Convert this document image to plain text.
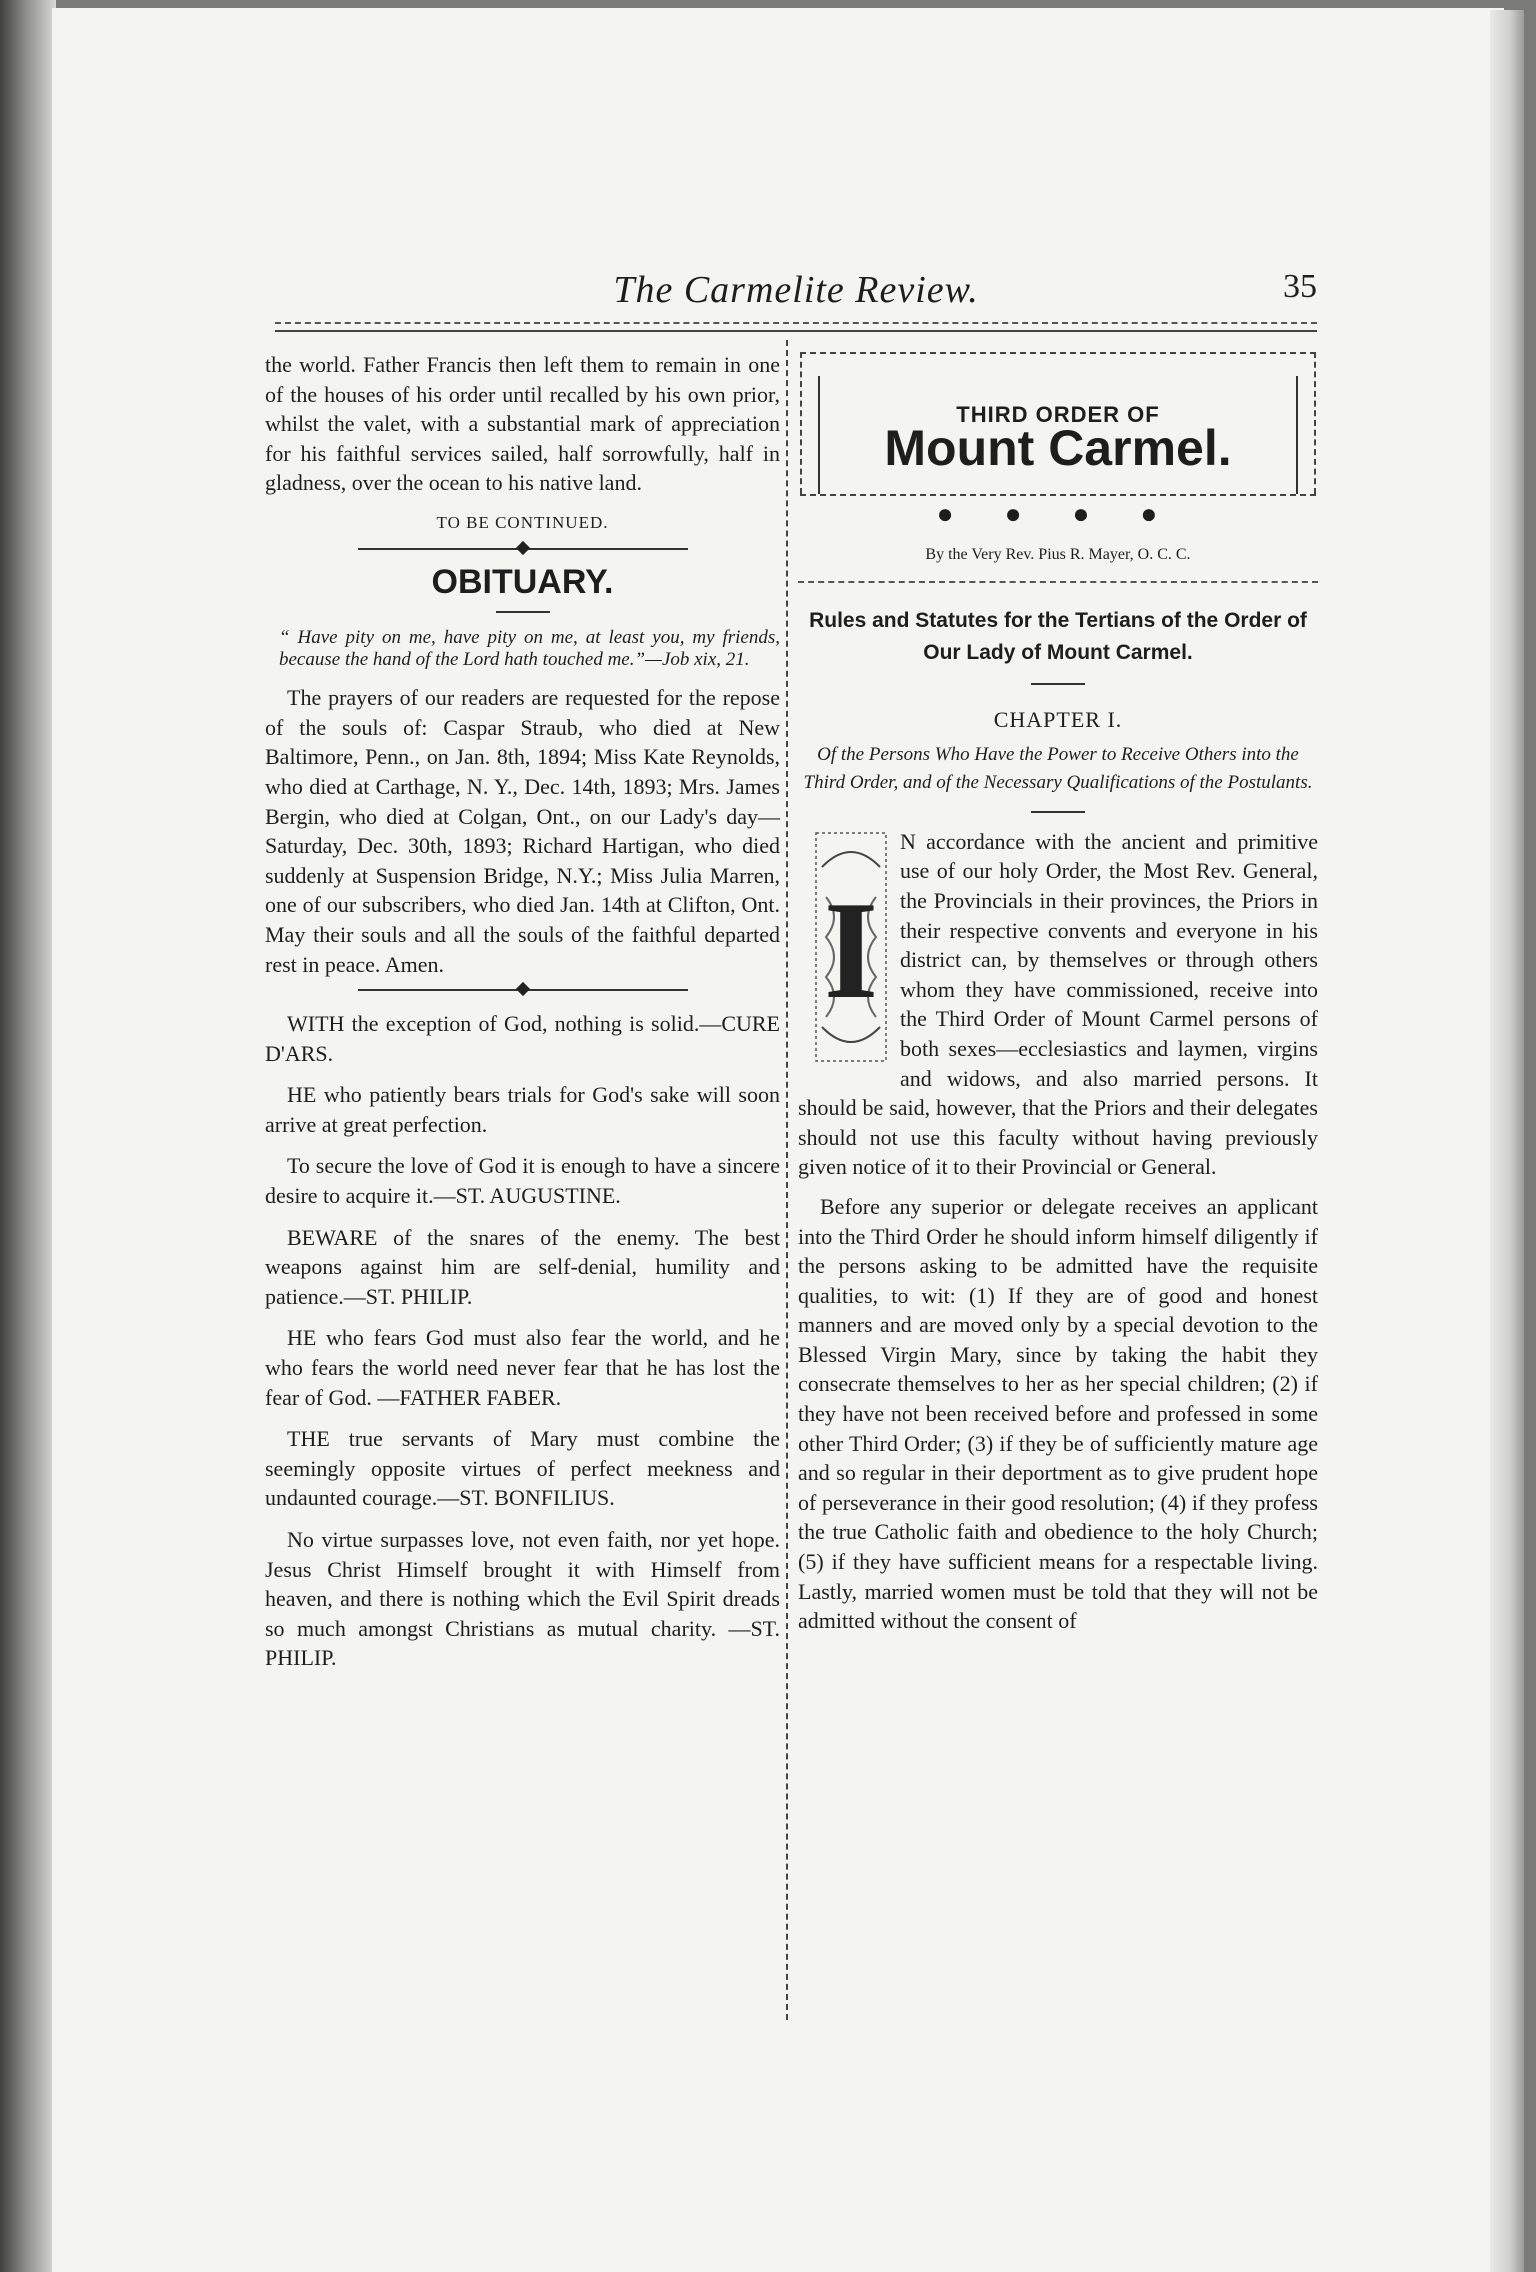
The Carmelite Review.	35

the world. Father Francis then left them to remain in one of the houses of his order until recalled by his own prior, whilst the valet, with a substantial mark of appreciation for his faithful services sailed, half sorrowfully, half in gladness, over the ocean to his native land.

TO BE CONTINUED.
OBITUARY.

“ Have pity on me, have pity on me, at least you, my friends, because the hand of the Lord hath touched me.”—Job xix, 21.

The prayers of our readers are requested for the repose of the souls of: Caspar Straub, who died at New Baltimore, Penn., on Jan. 8th, 1894; Miss Kate Reynolds, who died at Carthage, N. Y., Dec. 14th, 1893; Mrs. James Bergin, who died at Colgan, Ont., on our Lady's day—Saturday, Dec. 30th, 1893; Richard Hartigan, who died suddenly at Suspension Bridge, N.Y.; Miss Julia Marren, one of our subscribers, who died Jan. 14th at Clifton, Ont. May their souls and all the souls of the faithful departed rest in peace. Amen.

WITH the exception of God, nothing is solid.—CURE D'ARS.

HE who patiently bears trials for God's sake will soon arrive at great perfection.

To secure the love of God it is enough to have a sincere desire to acquire it.—ST. AUGUSTINE.

BEWARE of the snares of the enemy. The best weapons against him are self-denial, humility and patience.—ST. PHILIP.

HE who fears God must also fear the world, and he who fears the world need never fear that he has lost the fear of God. —FATHER FABER.

THE true servants of Mary must combine the seemingly opposite virtues of perfect meekness and undaunted courage.—ST. BONFILIUS.

No virtue surpasses love, not even faith, nor yet hope. Jesus Christ Himself brought it with Himself from heaven, and there is nothing which the Evil Spirit dreads so much amongst Christians as mutual charity. —ST. PHILIP.

THIRD ORDER OF
Mount Carmel.
● ● ● ●
By the Very Rev. Pius R. Mayer, O. C. C.
Rules and Statutes for the Tertians of the Order of Our Lady of Mount Carmel.
CHAPTER I.

Of the Persons Who Have the Power to Receive Others into the Third Order, and of the Necessary Qualifications of the Postulants.

I

N accordance with the ancient and primitive use of our holy Order, the Most Rev. General, the Provincials in their provinces, the Priors in their respective convents and everyone in his district can, by themselves or through others whom they have commissioned, receive into the Third Order of Mount Carmel persons of both sexes—ecclesiastics and laymen, virgins and widows, and also married persons. It should be said, however, that the Priors and their delegates should not use this faculty without having previously given notice of it to their Provincial or General.

Before any superior or delegate receives an applicant into the Third Order he should inform himself diligently if the persons asking to be admitted have the requisite qualities, to wit: (1) If they are of good and honest manners and are moved only by a special devotion to the Blessed Virgin Mary, since by taking the habit they consecrate themselves to her as her special children; (2) if they have not been received before and professed in some other Third Order; (3) if they be of sufficiently mature age and so regular in their deportment as to give prudent hope of perseverance in their good resolution; (4) if they profess the true Catholic faith and obedience to the holy Church; (5) if they have sufficient means for a respectable living. Lastly, married women must be told that they will not be admitted without the consent of
